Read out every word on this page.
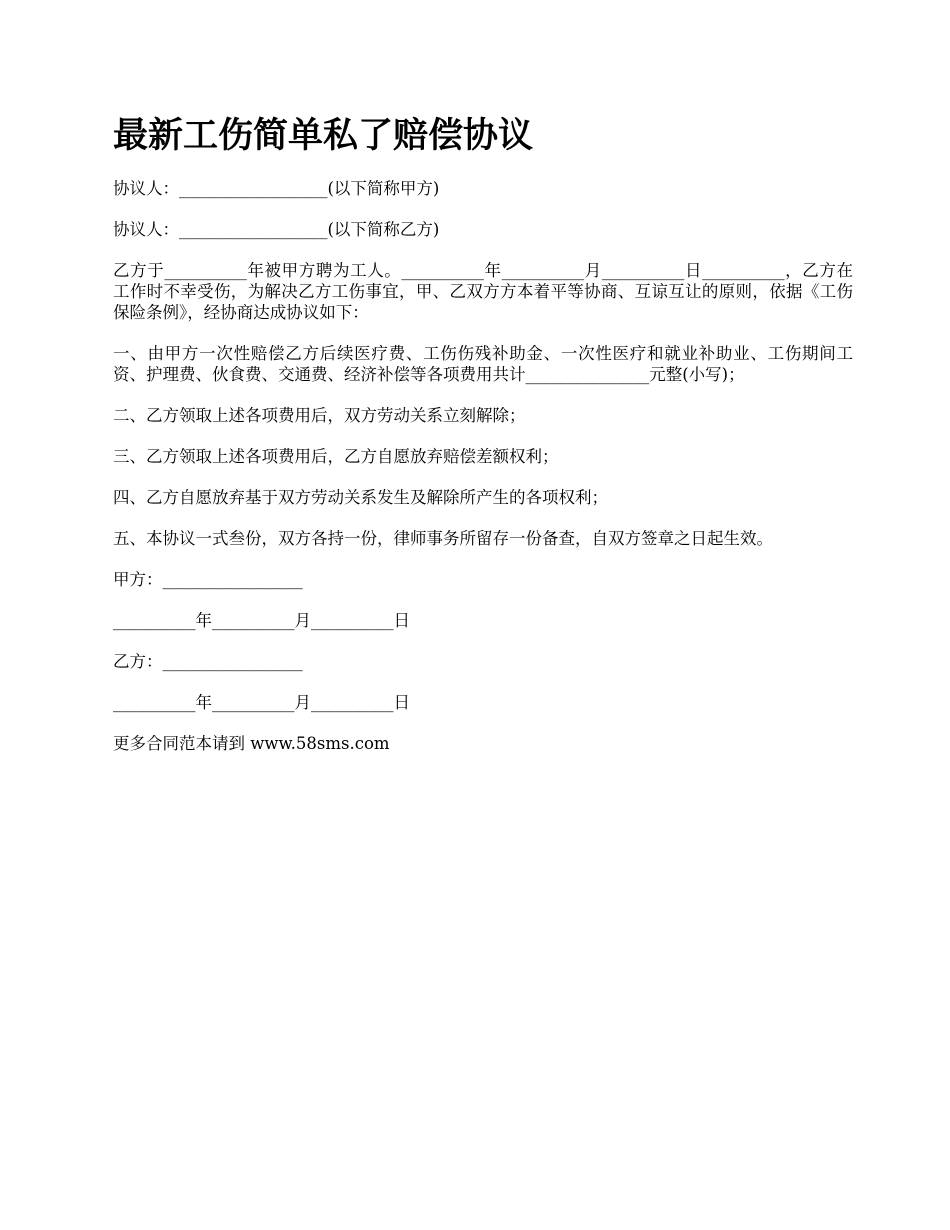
最新工伤简单私了赔偿协议

协议人：__________________(以下简称甲方)

协议人：__________________(以下简称乙方)

乙方于__________年被甲方聘为工人。__________年__________月__________日__________，乙方在工作时不幸受伤，为解决乙方工伤事宜，甲、乙双方方本着平等协商、互谅互让的原则，依据《工伤保险条例》，经协商达成协议如下：

一、由甲方一次性赔偿乙方后续医疗费、工伤伤残补助金、一次性医疗和就业补助业、工伤期间工资、护理费、伙食费、交通费、经济补偿等各项费用共计_______________元整(小写)；

二、乙方领取上述各项费用后，双方劳动关系立刻解除；

三、乙方领取上述各项费用后，乙方自愿放弃赔偿差额权利；

四、乙方自愿放弃基于双方劳动关系发生及解除所产生的各项权利；

五、本协议一式叁份，双方各持一份，律师事务所留存一份备查，自双方签章之日起生效。

甲方：_________________

__________年__________月__________日

乙方：_________________

__________年__________月__________日

更多合同范本请到 www.58sms.com
